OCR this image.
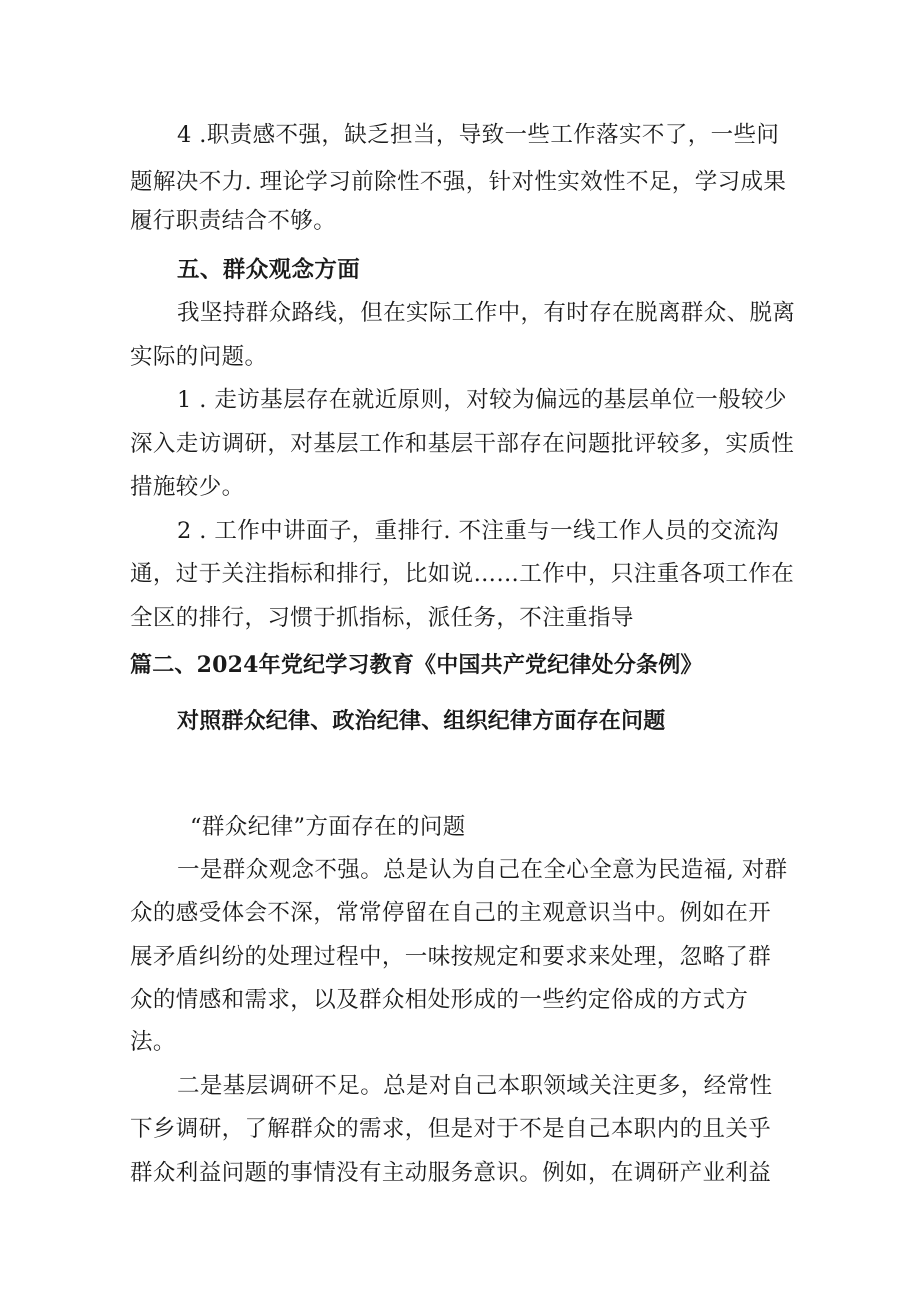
4 .职责感不强，缺乏担当，导致一些工作落实不了，一些问
题解决不力. 理论学习前除性不强，针对性实效性不足，学习成果
履行职责结合不够。
五、群众观念方面
我坚持群众路线，但在实际工作中，有时存在脱离群众、脱离
实际的问题。
1 . 走访基层存在就近原则，对较为偏远的基层单位一般较少
深入走访调研，对基层工作和基层干部存在问题批评较多，实质性
措施较少。
2 . 工作中讲面子，重排行. 不注重与一线工作人员的交流沟
通，过于关注指标和排行，比如说……工作中，只注重各项工作在
全区的排行，习惯于抓指标，派任务，不注重指导
篇二、2024年党纪学习教育《中国共产党纪律处分条例》
对照群众纪律、政治纪律、组织纪律方面存在问题
“群众纪律”方面存在的问题
一是群众观念不强。总是认为自己在全心全意为民造福, 对群
众的感受体会不深，常常停留在自己的主观意识当中。例如在开
展矛盾纠纷的处理过程中，一味按规定和要求来处理，忽略了群
众的情感和需求，以及群众相处形成的一些约定俗成的方式方
法。
二是基层调研不足。总是对自己本职领域关注更多，经常性
下乡调研，了解群众的需求，但是对于不是自己本职内的且关乎
群众利益问题的事情没有主动服务意识。例如，在调研产业利益
